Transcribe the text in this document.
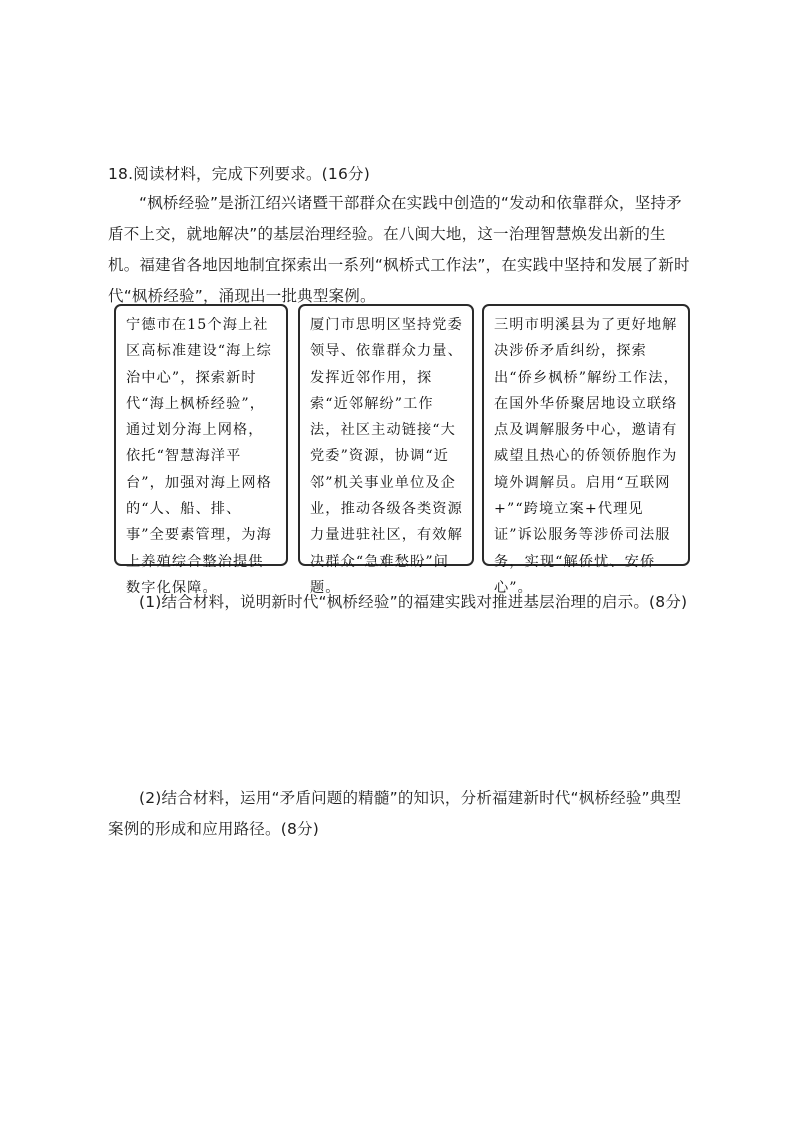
18.阅读材料，完成下列要求。(16分)
“枫桥经验”是浙江绍兴诸暨干部群众在实践中创造的“发动和依靠群众，坚持矛盾不上交，就地解决”的基层治理经验。在八闽大地，这一治理智慧焕发出新的生机。福建省各地因地制宜探索出一系列“枫桥式工作法”，在实践中坚持和发展了新时代“枫桥经验”，涌现出一批典型案例。
宁德市在15个海上社区高标准建设“海上综治中心”，探索新时代“海上枫桥经验”，通过划分海上网格，依托“智慧海洋平台”，加强对海上网格的“人、船、排、事”全要素管理，为海上养殖综合整治提供数字化保障。
厦门市思明区坚持党委领导、依靠群众力量、发挥近邻作用，探索“近邻解纷”工作法，社区主动链接“大党委”资源，协调“近邻”机关事业单位及企业，推动各级各类资源力量进驻社区，有效解决群众“急难愁盼”问题。
三明市明溪县为了更好地解决涉侨矛盾纠纷，探索出“侨乡枫桥”解纷工作法，在国外华侨聚居地设立联络点及调解服务中心，邀请有威望且热心的侨领侨胞作为境外调解员。启用“互联网+”“跨境立案+代理见证”诉讼服务等涉侨司法服务，实现“解侨忧、安侨心”。
(1)结合材料，说明新时代“枫桥经验”的福建实践对推进基层治理的启示。(8分)
(2)结合材料，运用“矛盾问题的精髓”的知识，分析福建新时代“枫桥经验”典型案例的形成和应用路径。(8分)
